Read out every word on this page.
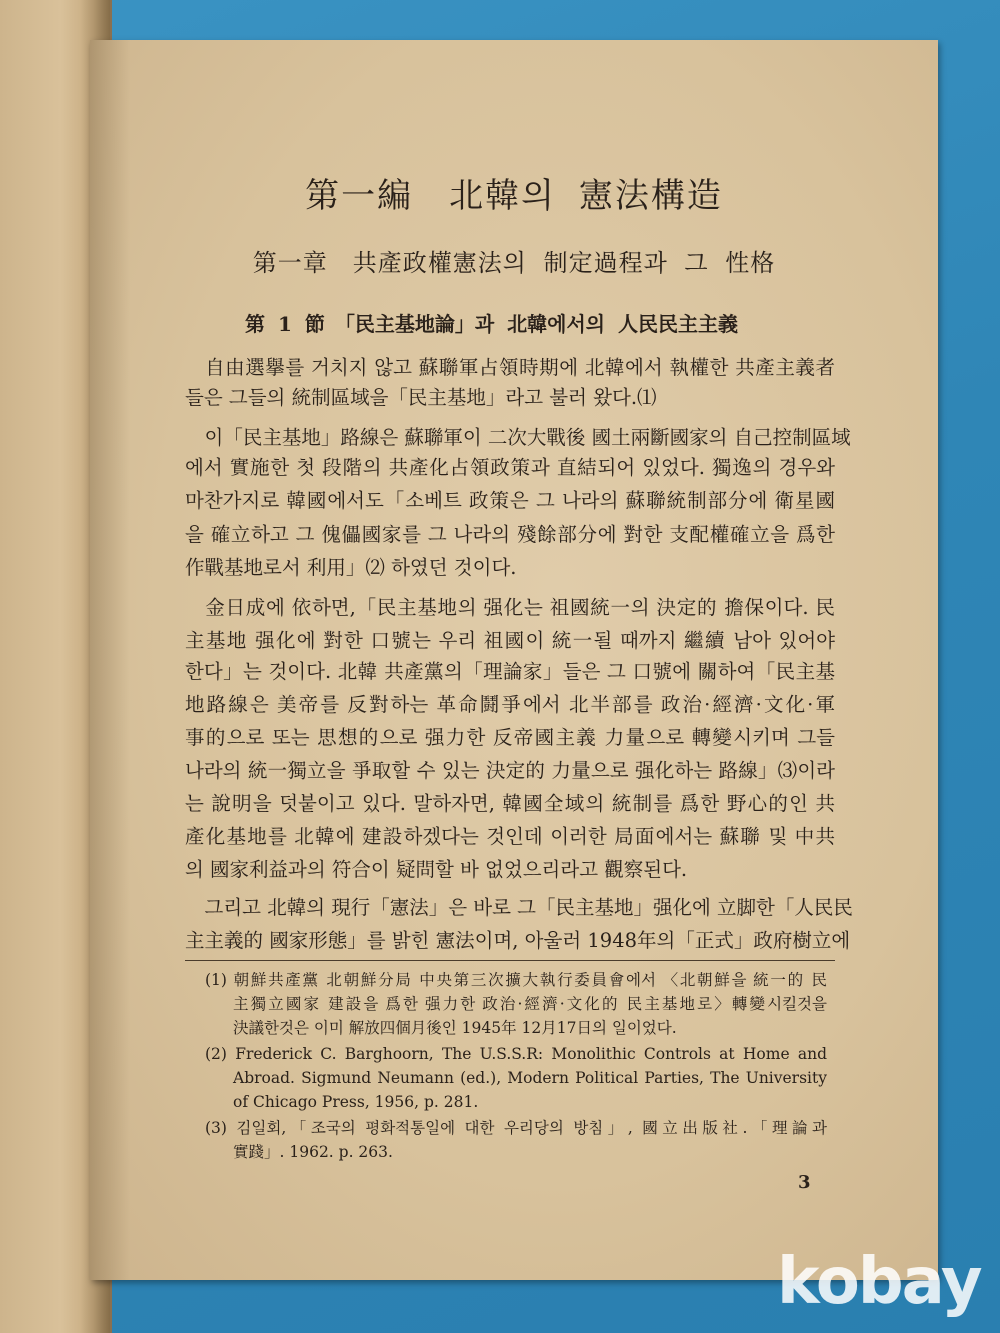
第一編　北韓의 憲法構造
第一章　共產政權憲法의 制定過程과 그 性格
第 1 節　「民主基地論」과 北韓에서의 人民民主主義
　自由選擧를 거치지 않고 蘇聯軍占領時期에 北韓에서 執權한 共產主義者
들은 그들의 統制區域을「民主基地」라고 불러 왔다.⑴
　이「民主基地」路線은 蘇聯軍이 二次大戰後 國土兩斷國家의 自己控制區域
에서 實施한 첫 段階의 共產化占領政策과 直結되어 있었다. 獨逸의 경우와
마찬가지로 韓國에서도「소베트 政策은 그 나라의 蘇聯統制部分에 衛星國
을 確立하고 그 傀儡國家를 그 나라의 殘餘部分에 對한 支配權確立을 爲한
作戰基地로서 利用」⑵ 하였던 것이다.
　金日成에 依하면,「民主基地의 强化는 祖國統一의 決定的 擔保이다. 民
主基地 强化에 對한 口號는 우리 祖國이 統一될 때까지 繼續 남아 있어야
한다」는 것이다. 北韓 共產黨의「理論家」들은 그 口號에 關하여「民主基
地路線은 美帝를 反對하는 革命鬪爭에서 北半部를 政治·經濟·文化·軍
事的으로 또는 思想的으로 强力한 反帝國主義 力量으로 轉變시키며 그들
나라의 統一獨立을 爭取할 수 있는 決定的 力量으로 强化하는 路線」⑶이라
는 說明을 덧붙이고 있다. 말하자면, 韓國全域의 統制를 爲한 野心的인 共
產化基地를 北韓에 建設하겠다는 것인데 이러한 局面에서는 蘇聯 및 中共
의 國家利益과의 符合이 疑問할 바 없었으리라고 觀察된다.
　그리고 北韓의 現行「憲法」은 바로 그「民主基地」强化에 立脚한「人民民
主主義的 國家形態」를 밝힌 憲法이며, 아울러 1948年의「正式」政府樹立에
(1) 朝鮮共產黨 北朝鮮分局 中央第三次擴大執行委員會에서 〈北朝鮮을 統一的 民
主獨立國家 建設을 爲한 强力한 政治·經濟·文化的 民主基地로〉轉變시킬것을
決議한것은 이미 解放四個月後인 1945年 12月17日의 일이었다.
(2) Frederick C. Barghoorn, The U.S.S.R: Monolithic Controls at Home and
Abroad. Sigmund Neumann (ed.), Modern Political Parties, The University
of Chicago Press, 1956, p. 281.
(3) 김일회,「조국의 평화적통일에 대한 우리당의 방침」, 國立出版社.「理論과
實踐」. 1962. p. 263.
3
kobay
